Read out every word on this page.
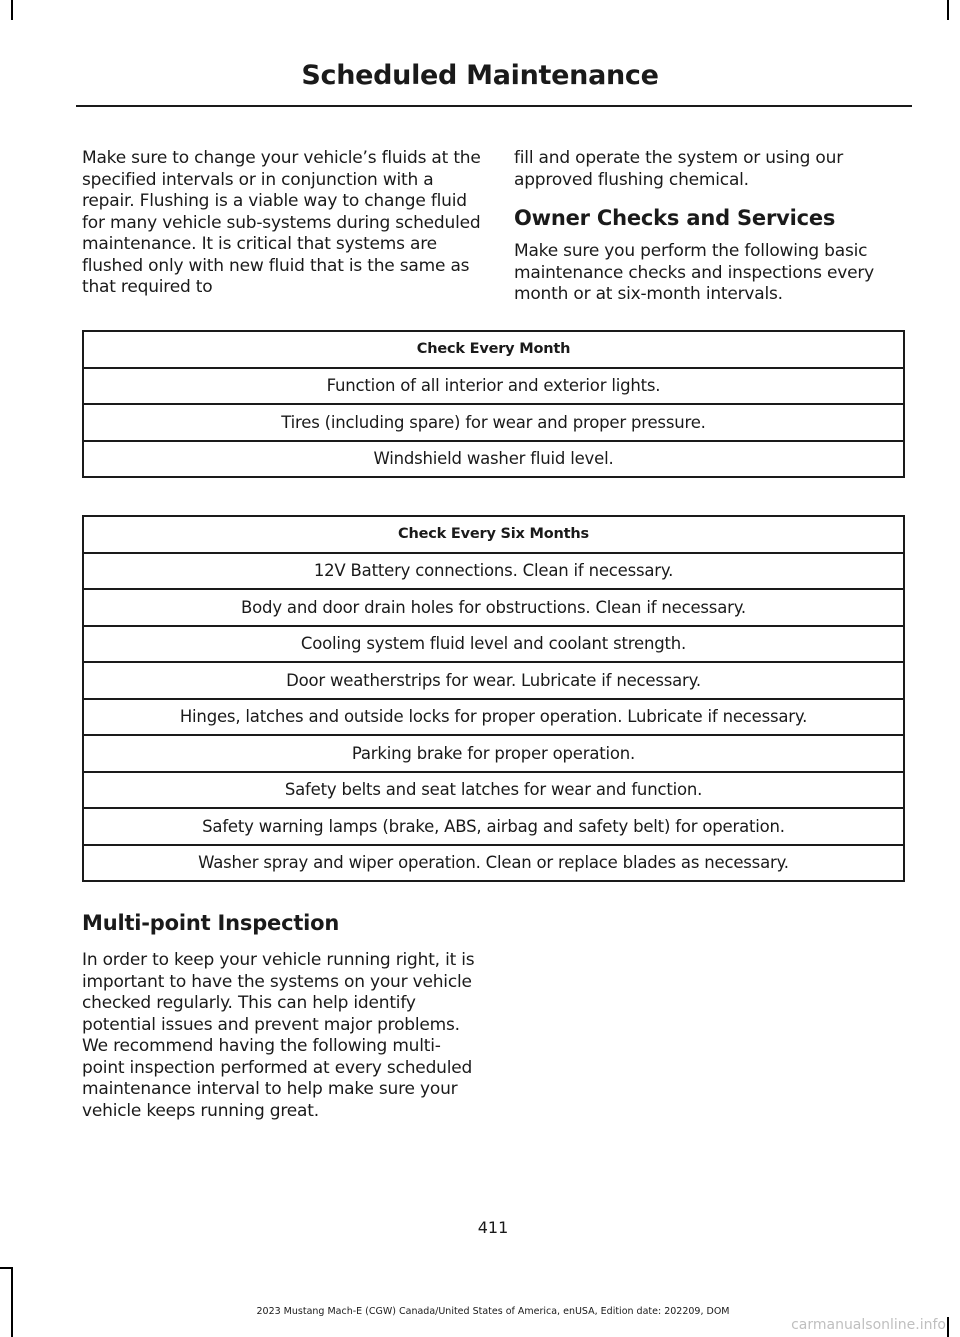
Scheduled Maintenance

Make sure to change your vehicle’s fluids at the specified intervals or in conjunction with a repair. Flushing is a viable way to change fluid for many vehicle sub-systems during scheduled maintenance. It is critical that systems are flushed only with new fluid that is the same as that required to

fill and operate the system or using our approved flushing chemical.

Owner Checks and Services

Make sure you perform the following basic maintenance checks and inspections every month or at six-month intervals.

Check Every Month
Function of all interior and exterior lights.
Tires (including spare) for wear and proper pressure.
Windshield washer fluid level.
Check Every Six Months
12V Battery connections. Clean if necessary.
Body and door drain holes for obstructions. Clean if necessary.
Cooling system fluid level and coolant strength.
Door weatherstrips for wear. Lubricate if necessary.
Hinges, latches and outside locks for proper operation. Lubricate if necessary.
Parking brake for proper operation.
Safety belts and seat latches for wear and function.
Safety warning lamps (brake, ABS, airbag and safety belt) for operation.
Washer spray and wiper operation. Clean or replace blades as necessary.
Multi-point Inspection

In order to keep your vehicle running right, it is important to have the systems on your vehicle checked regularly. This can help identify potential issues and prevent major problems. We recommend having the following multi-point inspection performed at every scheduled maintenance interval to help make sure your vehicle keeps running great.

411
2023 Mustang Mach-E (CGW) Canada/United States of America, enUSA, Edition date: 202209, DOM
carmanualsonline.info
